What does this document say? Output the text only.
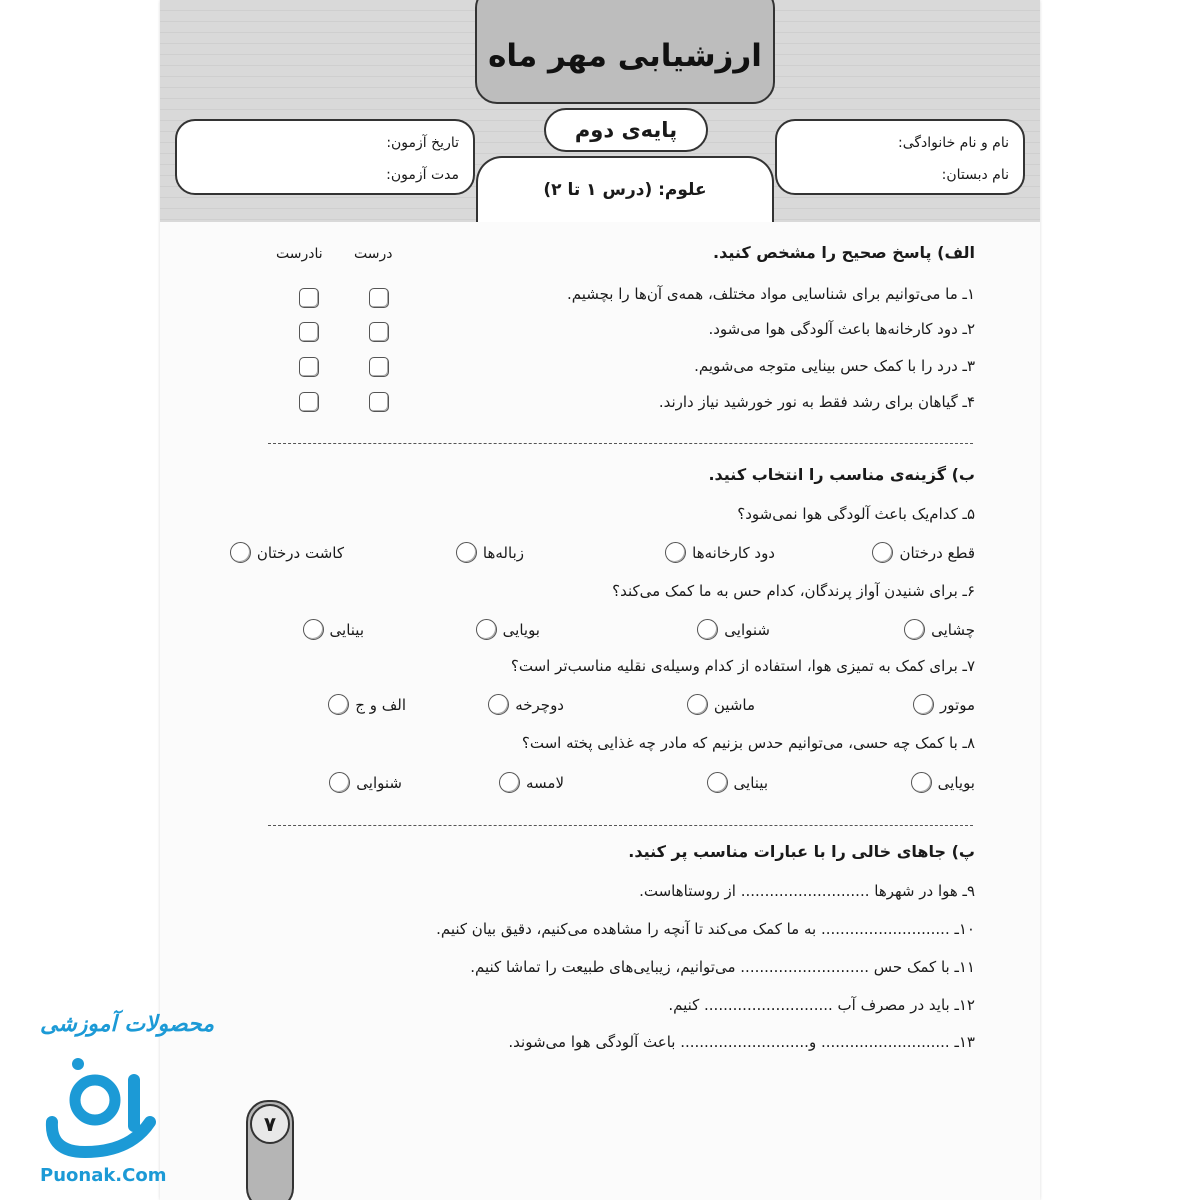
ارزشیابی مهر ماه
نام و نام خانوادگی:
نام دبستان:
تاریخ آزمون:
مدت آزمون:
علوم: (درس ۱ تا ۲)
پایه‌ی دوم
الف) پاسخ صحیح را مشخص کنید.
درست
نادرست
۱ـ ما می‌توانیم برای شناسایی مواد مختلف، همه‌ی آن‌ها را بچشیم.
۲ـ دود کارخانه‌ها باعث آلودگی هوا می‌شود.
۳ـ درد را با کمک حس بینایی متوجه می‌شویم.
۴ـ گیاهان برای رشد فقط به نور خورشید نیاز دارند.
ب) گزینه‌ی مناسب را انتخاب کنید.
۵ـ کدام‌یک باعث آلودگی هوا نمی‌شود؟
قطع درختان
دود کارخانه‌ها
زباله‌ها
کاشت درختان
۶ـ برای شنیدن آواز پرندگان، کدام حس به ما کمک می‌کند؟
چشایی
شنوایی
بویایی
بینایی
۷ـ برای کمک به تمیزی هوا، استفاده از کدام وسیله‌ی نقلیه مناسب‌تر است؟
موتور
ماشین
دوچرخه
الف و ج
۸ـ با کمک چه حسی، می‌توانیم حدس بزنیم که مادر چه غذایی پخته است؟
بویایی
بینایی
لامسه
شنوایی
پ) جاهای خالی را با عبارات مناسب پر کنید.
۹ـ هوا در شهرها ........................... از روستاهاست.
۱۰ـ ........................... به ما کمک می‌کند تا آنچه را مشاهده می‌کنیم، دقیق بیان کنیم.
۱۱ـ با کمک حس ........................... می‌توانیم، زیبایی‌های طبیعت را تماشا کنیم.
۱۲ـ باید در مصرف آب ........................... کنیم.
۱۳ـ ........................... و........................... باعث آلودگی هوا می‌شوند.
۷
محصولات آموزشی
Puonak.Com
